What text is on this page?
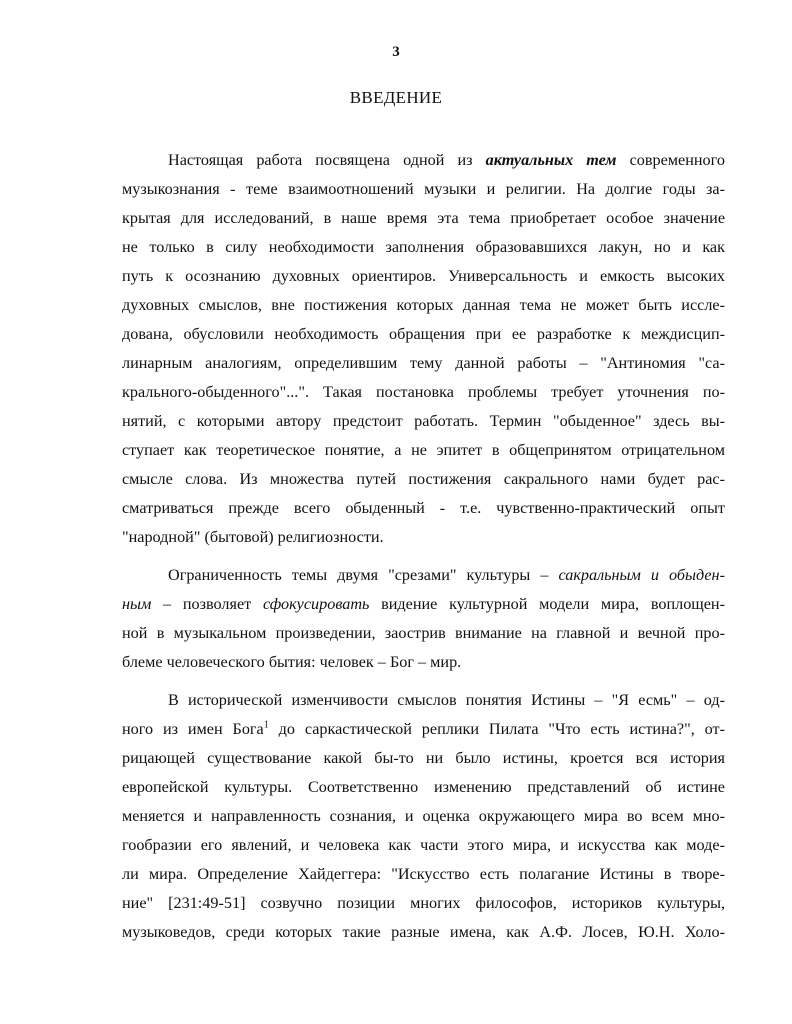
3
ВВЕДЕНИЕ
Настоящая работа посвящена одной из актуальных тем современного
музыкознания - теме взаимоотношений музыки и религии. На долгие годы за-
крытая для исследований, в наше время эта тема приобретает особое значение
не только в силу необходимости заполнения образовавшихся лакун, но и как
путь к осознанию духовных ориентиров. Универсальность и емкость высоких
духовных смыслов, вне постижения которых данная тема не может быть иссле-
дована, обусловили необходимость обращения при ее разработке к междисцип-
линарным аналогиям, определившим тему данной работы – "Антиномия "са-
крального-обыденного"...". Такая постановка проблемы требует уточнения по-
нятий, с которыми автору предстоит работать. Термин "обыденное" здесь вы-
ступает как теоретическое понятие, а не эпитет в общепринятом отрицательном
смысле слова. Из множества путей постижения сакрального нами будет рас-
сматриваться прежде всего обыденный - т.е. чувственно-практический опыт
"народной" (бытовой) религиозности.
Ограниченность темы двумя "срезами" культуры – сакральным и обыден-
ным – позволяет сфокусировать видение культурной модели мира, воплощен-
ной в музыкальном произведении, заострив внимание на главной и вечной про-
блеме человеческого бытия: человек – Бог – мир.
В исторической изменчивости смыслов понятия Истины – "Я есмь" – од-
ного из имен Бога$^1$ до саркастической реплики Пилата "Что есть истина?", от-
рицающей существование какой бы-то ни было истины, кроется вся история
европейской культуры. Соответственно изменению представлений об истине
меняется и направленность сознания, и оценка окружающего мира во всем мно-
гообразии его явлений, и человека как части этого мира, и искусства как моде-
ли мира. Определение Хайдеггера: "Искусство есть полагание Истины в творе-
ние" [231:49-51] созвучно позиции многих философов, историков культуры,
музыковедов, среди которых такие разные имена, как А.Ф. Лосев, Ю.Н. Холо-
